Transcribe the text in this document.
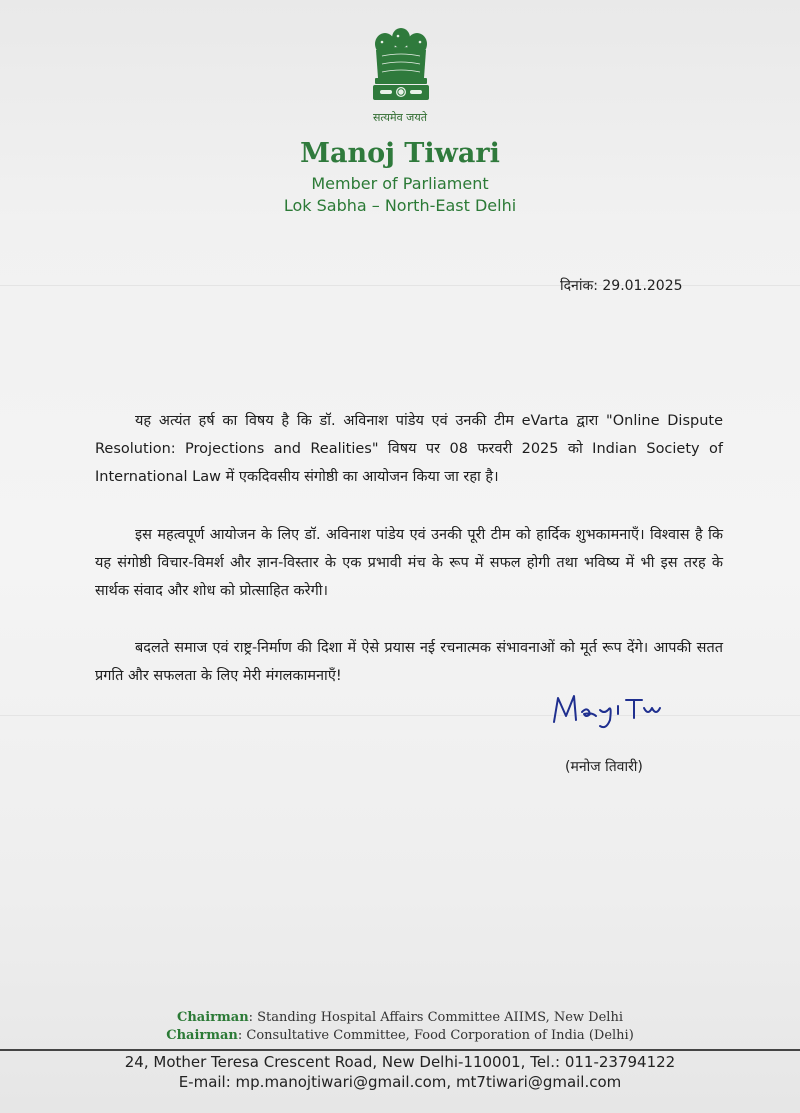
सत्यमेव जयते
Manoj Tiwari
Member of Parliament
Lok Sabha – North-East Delhi
दिनांक: 29.01.2025
यह अत्यंत हर्ष का विषय है कि डॉ. अविनाश पांडेय एवं उनकी टीम eVarta द्वारा "Online Dispute Resolution: Projections and Realities" विषय पर 08 फरवरी 2025 को Indian Society of International Law में एकदिवसीय संगोष्ठी का आयोजन किया जा रहा है।
इस महत्वपूर्ण आयोजन के लिए डॉ. अविनाश पांडेय एवं उनकी पूरी टीम को हार्दिक शुभकामनाएँ। विश्वास है कि यह संगोष्ठी विचार-विमर्श और ज्ञान-विस्तार के एक प्रभावी मंच के रूप में सफल होगी तथा भविष्य में भी इस तरह के सार्थक संवाद और शोध को प्रोत्साहित करेगी।
बदलते समाज एवं राष्ट्र-निर्माण की दिशा में ऐसे प्रयास नई रचनात्मक संभावनाओं को मूर्त रूप देंगे। आपकी सतत प्रगति और सफलता के लिए मेरी मंगलकामनाएँ!
(मनोज तिवारी)
Chairman: Standing Hospital Affairs Committee AIIMS, New Delhi
Chairman: Consultative Committee, Food Corporation of India (Delhi)
24, Mother Teresa Crescent Road, New Delhi-110001, Tel.: 011-23794122
E-mail: mp.manojtiwari@gmail.com, mt7tiwari@gmail.com
